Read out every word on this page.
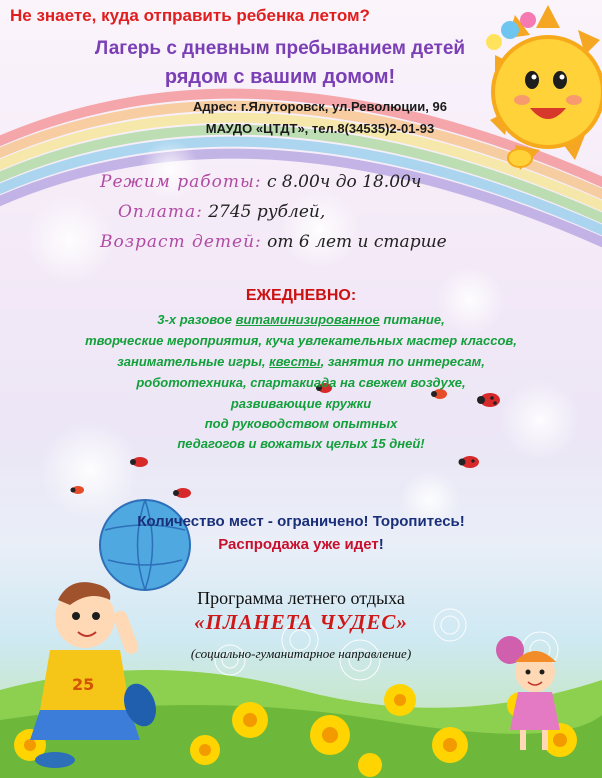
25
Не знаете, куда отправить ребенка летом?
Лагерь с дневным пребыванием детей
рядом с вашим домом!
Адрес: г.Ялуторовск, ул.Революции, 96
МАУДО «ЦТДТ», тел.8(34535)2-01-93
Режим работы: с 8.00ч до 18.00ч
Оплата: 2745 рублей,
Возраст детей: от 6 лет и старше
ЕЖЕДНЕВНО:
3-х разовое витаминизированное питание,
творческие мероприятия, куча увлекательных мастер классов,
занимательные игры, квесты, занятия по интересам,
робототехника, спартакиада на свежем воздухе,
развивающие кружки
под руководством опытных
педагогов и вожатых целых 15 дней!
Количество мест - ограничено! Торопитесь!
Распродажа уже идет!
Программа летнего отдыха
«ПЛАНЕТА ЧУДЕС»
(социально-гуманитарное направление)
